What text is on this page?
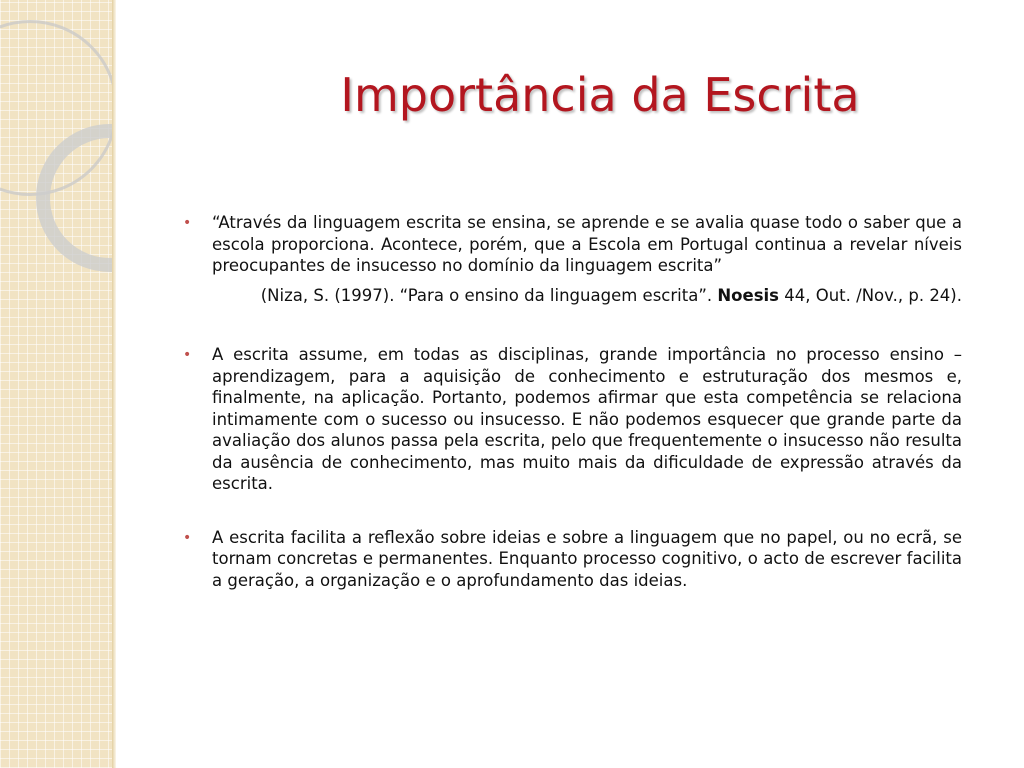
Importância da Escrita

• “Através da linguagem escrita se ensina, se aprende e se avalia quase todo o saber que a escola proporciona. Acontece, porém, que a Escola em Portugal continua a revelar níveis preocupantes de insucesso no domínio da linguagem escrita”

(Niza, S. (1997). “Para o ensino da linguagem escrita”. Noesis 44, Out. /Nov., p. 24).

• A escrita assume, em todas as disciplinas, grande importância no processo ensino – aprendizagem, para a aquisição de conhecimento e estruturação dos mesmos e, finalmente, na aplicação. Portanto, podemos afirmar que esta competência se relaciona intimamente com o sucesso ou insucesso. E não podemos esquecer que grande parte da avaliação dos alunos passa pela escrita, pelo que frequentemente o insucesso não resulta da ausência de conhecimento, mas muito mais da dificuldade de expressão através da escrita.

• A escrita facilita a reflexão sobre ideias e sobre a linguagem que no papel, ou no ecrã, se tornam concretas e permanentes. Enquanto processo cognitivo, o acto de escrever facilita a geração, a organização e o aprofundamento das ideias.
